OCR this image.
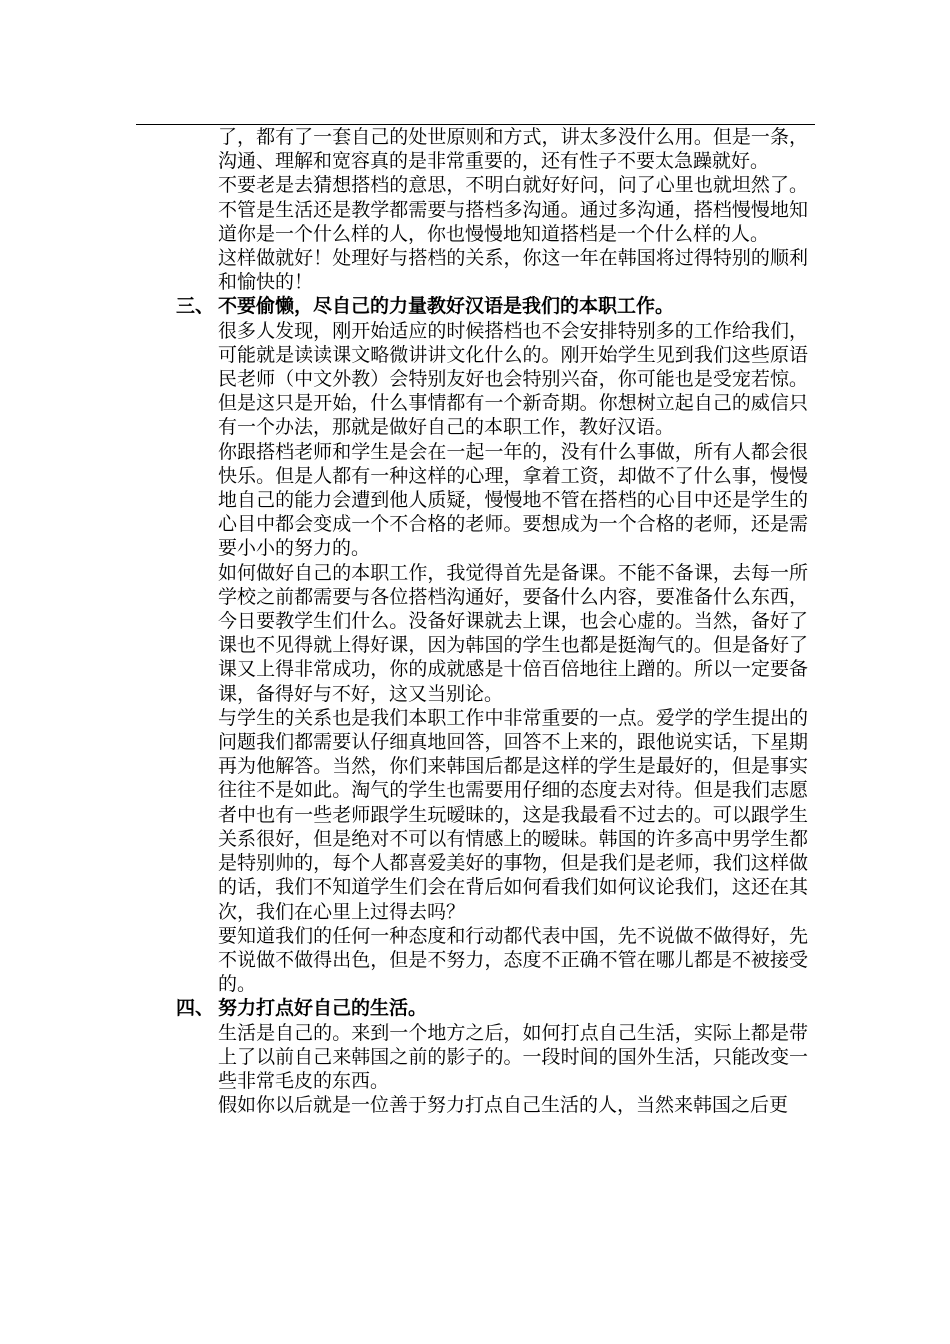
了，都有了一套自己的处世原则和方式，讲太多没什么用。但是一条，沟通、理解和宽容真的是非常重要的，还有性子不要太急躁就好。

不要老是去猜想搭档的意思，不明白就好好问，问了心里也就坦然了。不管是生活还是教学都需要与搭档多沟通。通过多沟通，搭档慢慢地知道你是一个什么样的人，你也慢慢地知道搭档是一个什么样的人。

这样做就好！处理好与搭档的关系，你这一年在韩国将过得特别的顺利和愉快的！

三、 不要偷懒，尽自己的力量教好汉语是我们的本职工作。

很多人发现，刚开始适应的时候搭档也不会安排特别多的工作给我们，可能就是读读课文略微讲讲文化什么的。刚开始学生见到我们这些原语民老师（中文外教）会特别友好也会特别兴奋，你可能也是受宠若惊。但是这只是开始，什么事情都有一个新奇期。你想树立起自己的威信只有一个办法，那就是做好自己的本职工作，教好汉语。

你跟搭档老师和学生是会在一起一年的，没有什么事做，所有人都会很快乐。但是人都有一种这样的心理，拿着工资，却做不了什么事，慢慢地自己的能力会遭到他人质疑，慢慢地不管在搭档的心目中还是学生的心目中都会变成一个不合格的老师。要想成为一个合格的老师，还是需要小小的努力的。

如何做好自己的本职工作，我觉得首先是备课。不能不备课，去每一所学校之前都需要与各位搭档沟通好，要备什么内容，要准备什么东西，今日要教学生们什么。没备好课就去上课，也会心虚的。当然，备好了课也不见得就上得好课，因为韩国的学生也都是挺淘气的。但是备好了课又上得非常成功，你的成就感是十倍百倍地往上蹭的。所以一定要备课，备得好与不好，这又当别论。

与学生的关系也是我们本职工作中非常重要的一点。爱学的学生提出的问题我们都需要认仔细真地回答，回答不上来的，跟他说实话，下星期再为他解答。当然，你们来韩国后都是这样的学生是最好的，但是事实往往不是如此。淘气的学生也需要用仔细的态度去对待。但是我们志愿者中也有一些老师跟学生玩暧昧的，这是我最看不过去的。可以跟学生关系很好，但是绝对不可以有情感上的暧昧。韩国的许多高中男学生都是特别帅的，每个人都喜爱美好的事物，但是我们是老师，我们这样做的话，我们不知道学生们会在背后如何看我们如何议论我们，这还在其次，我们在心里上过得去吗？

要知道我们的任何一种态度和行动都代表中国，先不说做不做得好，先不说做不做得出色，但是不努力，态度不正确不管在哪儿都是不被接受的。

四、 努力打点好自己的生活。

生活是自己的。来到一个地方之后，如何打点自己生活，实际上都是带上了以前自己来韩国之前的影子的。一段时间的国外生活，只能改变一些非常毛皮的东西。

假如你以后就是一位善于努力打点自己生活的人，当然来韩国之后更
